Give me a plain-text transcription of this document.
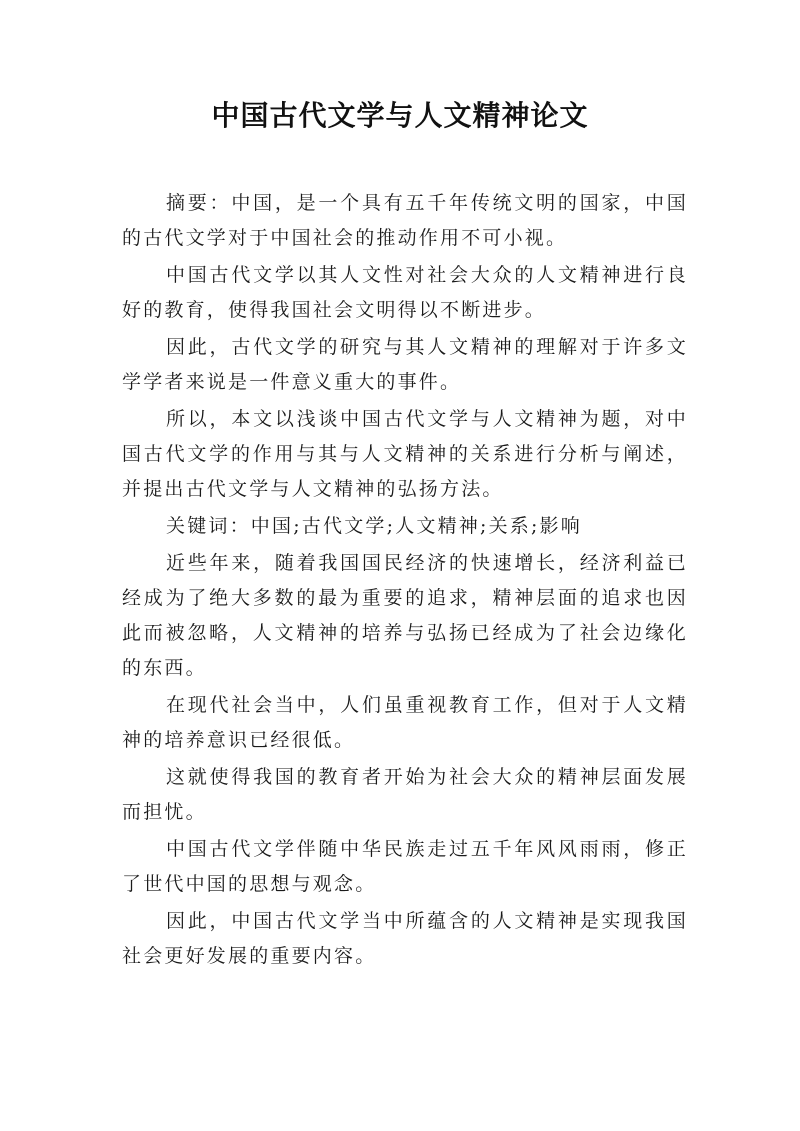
中国古代文学与人文精神论文

摘要：中国，是一个具有五千年传统文明的国家，中国的古代文学对于中国社会的推动作用不可小视。

中国古代文学以其人文性对社会大众的人文精神进行良好的教育，使得我国社会文明得以不断进步。

因此，古代文学的研究与其人文精神的理解对于许多文学学者来说是一件意义重大的事件。

所以，本文以浅谈中国古代文学与人文精神为题，对中国古代文学的作用与其与人文精神的关系进行分析与阐述，并提出古代文学与人文精神的弘扬方法。

关键词：中国;古代文学;人文精神;关系;影响

近些年来，随着我国国民经济的快速增长，经济利益已经成为了绝大多数的最为重要的追求，精神层面的追求也因此而被忽略，人文精神的培养与弘扬已经成为了社会边缘化的东西。

在现代社会当中，人们虽重视教育工作，但对于人文精神的培养意识已经很低。

这就使得我国的教育者开始为社会大众的精神层面发展而担忧。

中国古代文学伴随中华民族走过五千年风风雨雨，修正了世代中国的思想与观念。

因此，中国古代文学当中所蕴含的人文精神是实现我国社会更好发展的重要内容。
